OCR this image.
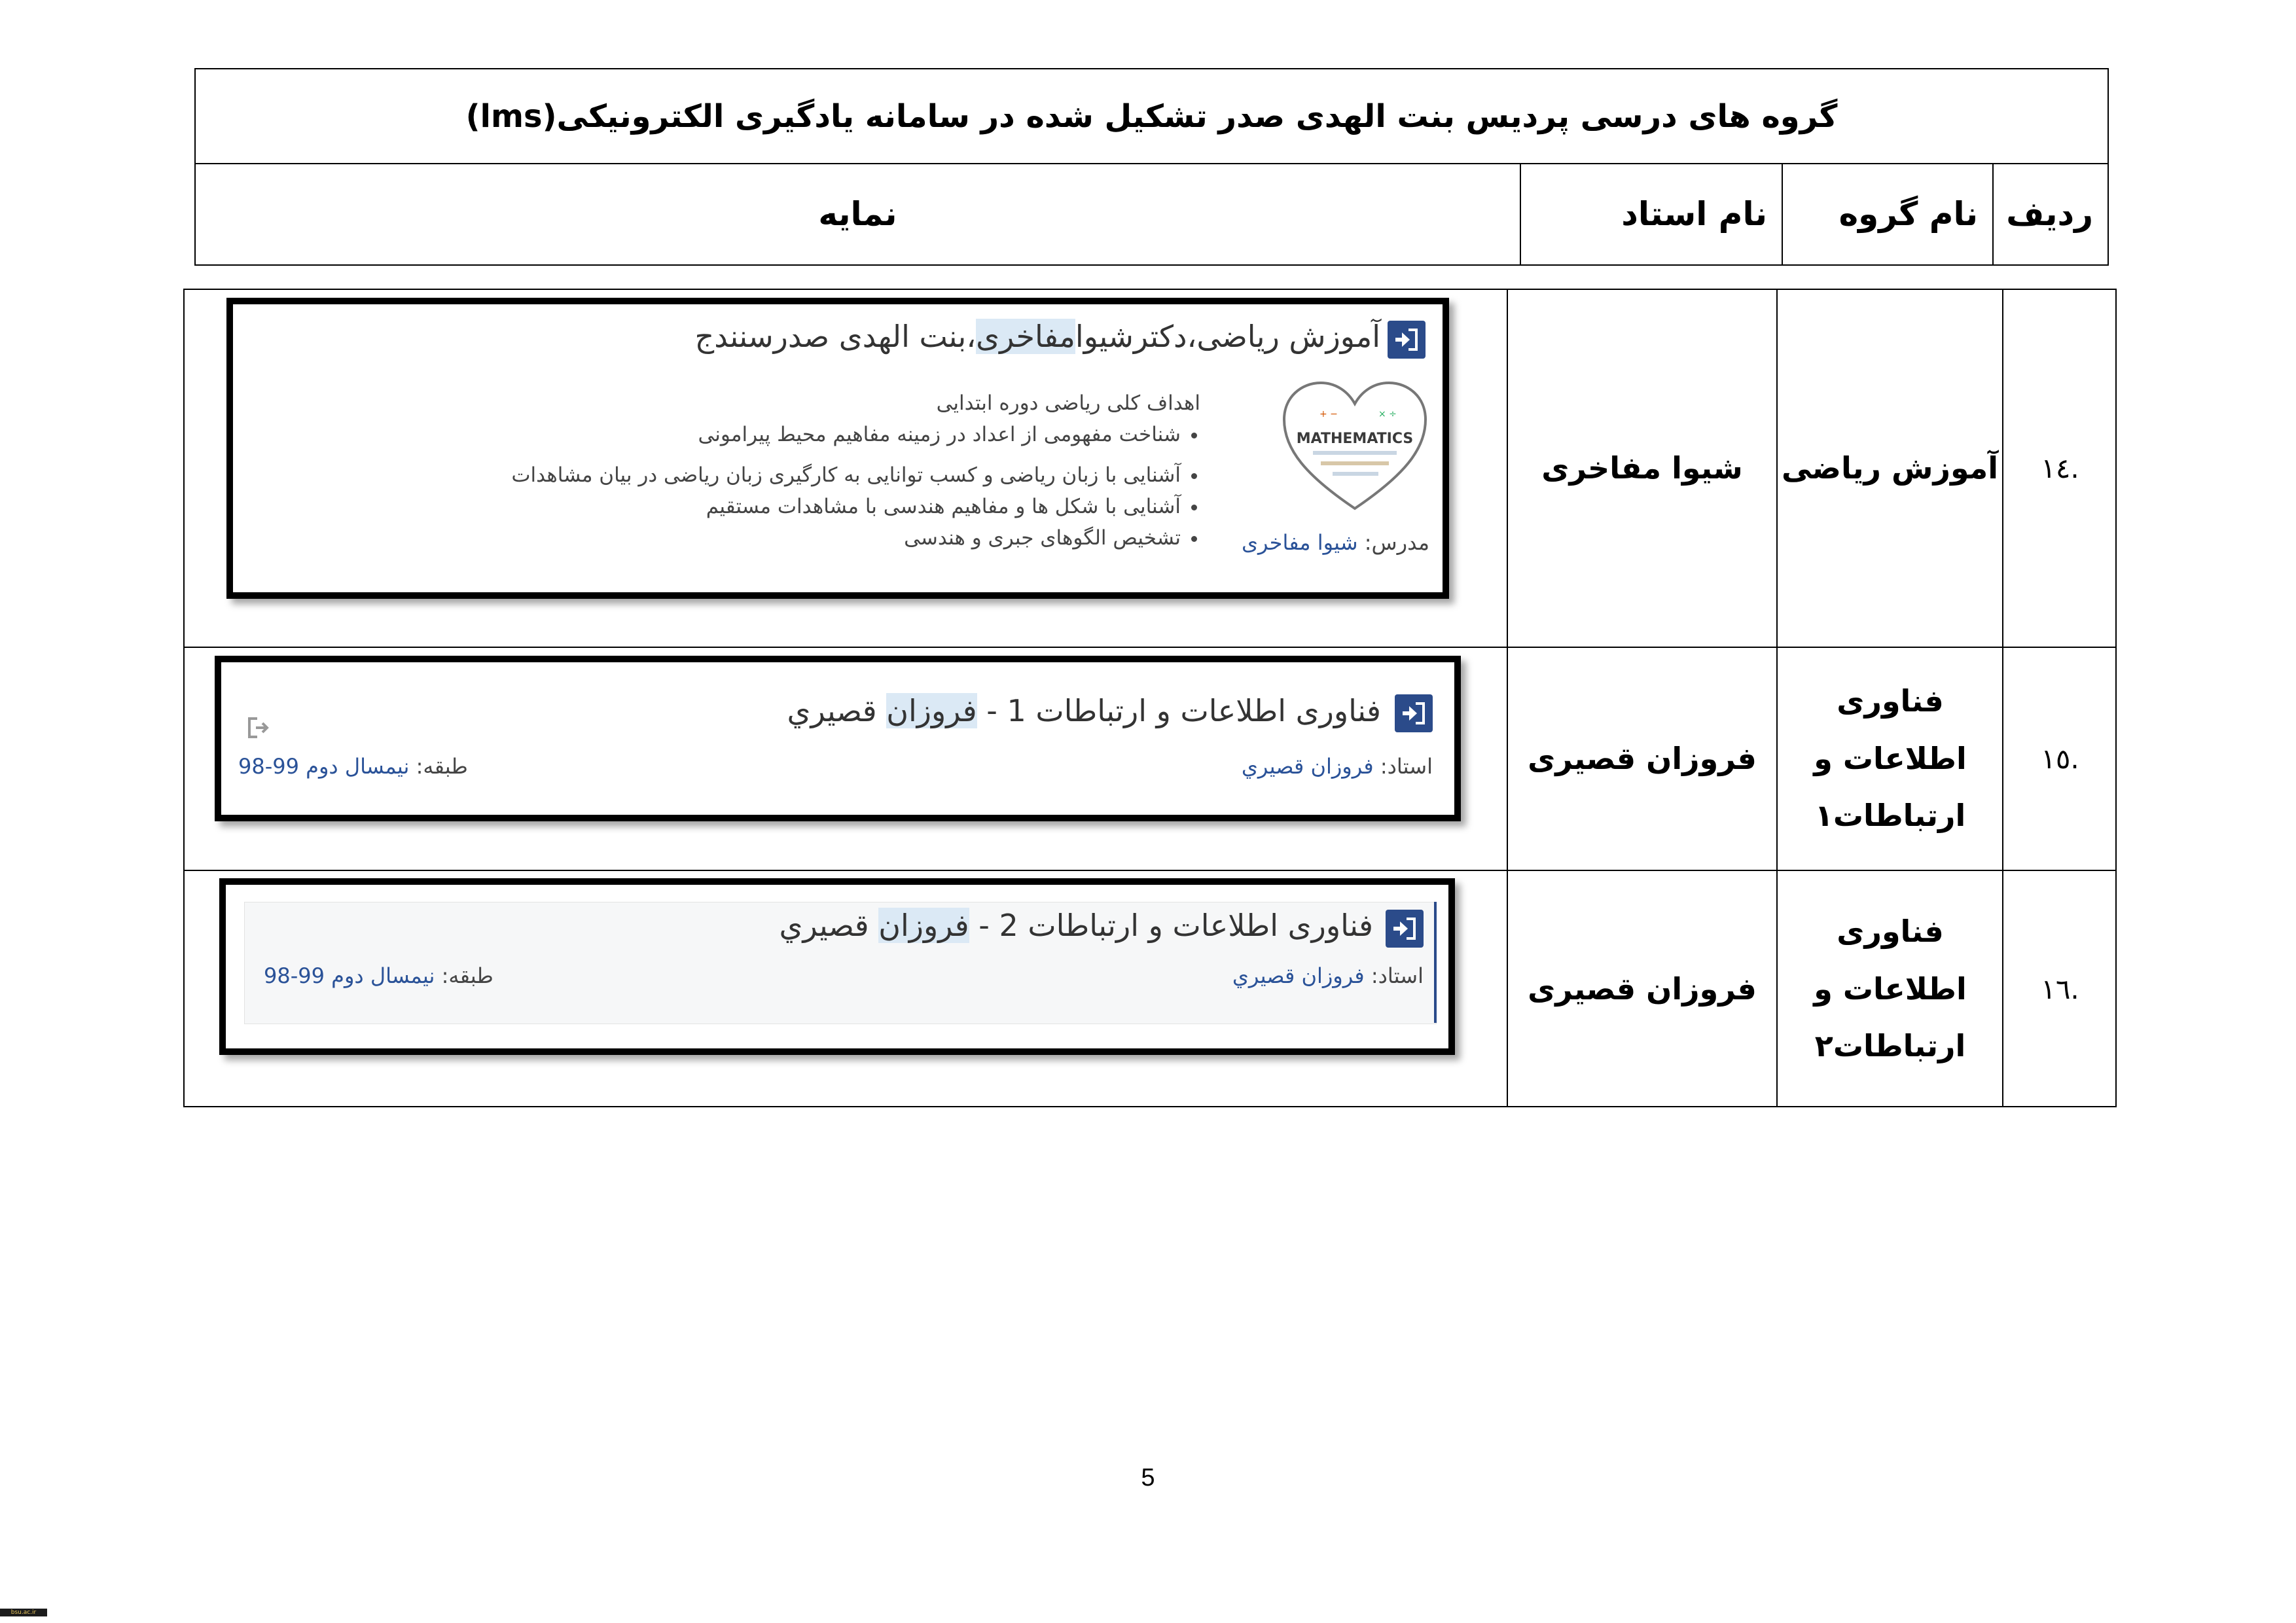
گروه های درسی پردیس بنت الهدی صدر تشکیل شده در سامانه یادگیری الکترونیکی(lms)
ردیف
نام گروه
نام استاد
نمایه
۱٤.
آموزش ریاضی
شیوا مفاخری
۱٥.
فناوری اطلاعات و ارتباطات۱
فروزان قصیری
۱٦.
فناوری اطلاعات و ارتباطات۲
فروزان قصیری
آموزش ریاضی،دکترشیوامفاخری،بنت الهدی صدرسنندج
MATHEMATICS
+ −	× ÷
اهداف کلی ریاضی دوره ابتدایی
• شناخت مفهومی از اعداد در زمینه مفاهیم محیط پیرامونی
• آشنایی با زبان ریاضی و کسب توانایی به کارگیری زبان ریاضی در بیان مشاهدات
• آشنایی با شکل ها و مفاهیم هندسی با مشاهدات مستقیم
• تشخیص الگوهای جبری و هندسی	مدرس: شیوا مفاخری
فناوری اطلاعات و ارتباطات 1 - فروزان قصيري
استاد: فروزان قصيري
طبقه: نیمسال دوم 99-98
فناوری اطلاعات و ارتباطات 2 - فروزان قصيري
استاد: فروزان قصيري
طبقه: نیمسال دوم 99-98
5
bsu.ac.ir
